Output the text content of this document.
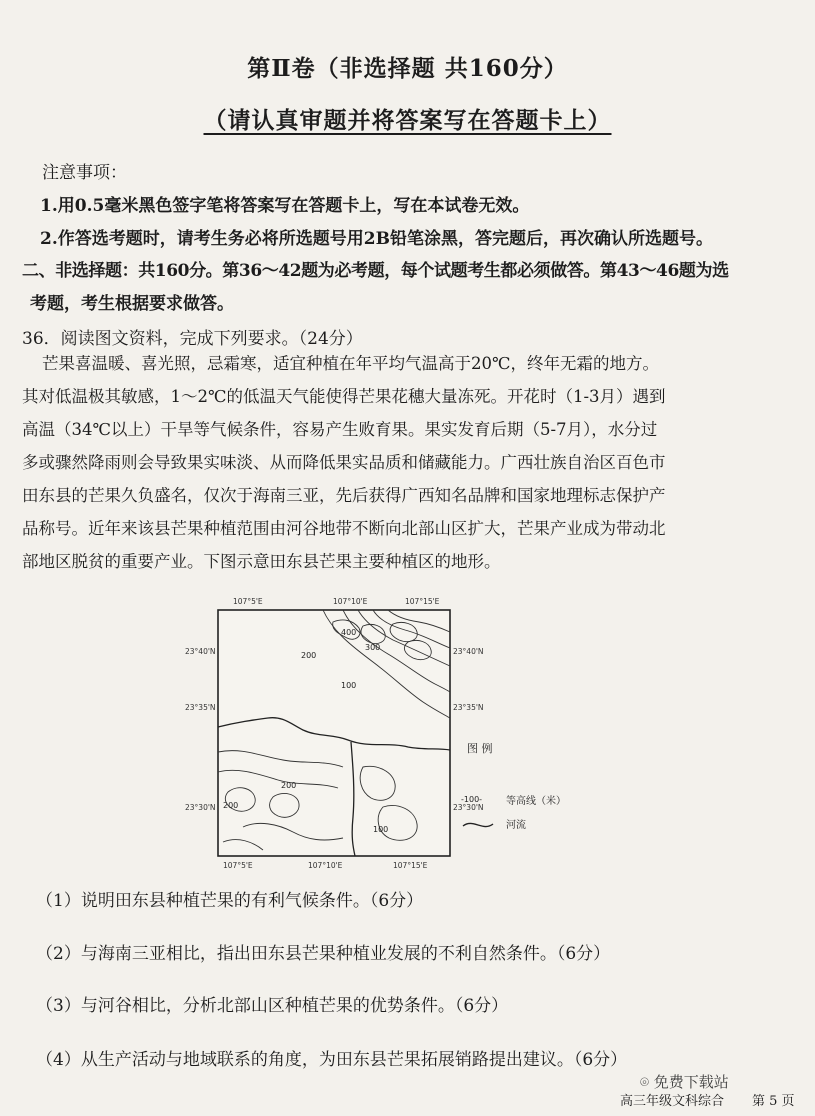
第Ⅱ卷（非选择题 共160分）
（请认真审题并将答案写在答题卡上）
注意事项：
1.用0.5毫米黑色签字笔将答案写在答题卡上，写在本试卷无效。
2.作答选考题时，请考生务必将所选题号用2B铅笔涂黑，答完题后，再次确认所选题号。
二、非选择题：共160分。第36～42题为必考题，每个试题考生都必须做答。第43～46题为选
考题，考生根据要求做答。
36．阅读图文资料，完成下列要求。（24分）
芒果喜温暖、喜光照，忌霜寒，适宜种植在年平均气温高于20℃，终年无霜的地方。
其对低温极其敏感，1～2℃的低温天气能使得芒果花穗大量冻死。开花时（1-3月）遇到
高温（34℃以上）干旱等气候条件，容易产生败育果。果实发育后期（5-7月），水分过
多或骤然降雨则会导致果实味淡、从而降低果实品质和储藏能力。广西壮族自治区百色市
田东县的芒果久负盛名，仅次于海南三亚，先后获得广西知名品牌和国家地理标志保护产
品称号。近年来该县芒果种植范围由河谷地带不断向北部山区扩大，芒果产业成为带动北
部地区脱贫的重要产业。下图示意田东县芒果主要种植区的地形。
107°5'E	107°10'E	107°15'E
107°5'E	107°10'E	107°15'E
23°40'N
23°35'N
23°30'N
23°40'N
23°35'N
23°30'N
400
300
200
100
200
200
100
图 例
-100- 等高线（米）
河流
（1）说明田东县种植芒果的有利气候条件。（6分）
（2）与海南三亚相比，指出田东县芒果种植业发展的不利自然条件。（6分）
（3）与河谷相比，分析北部山区种植芒果的优势条件。（6分）
（4）从生产活动与地域联系的角度，为田东县芒果拓展销路提出建议。（6分）
⌾ 免费下载站
高三年级文科综合 第 5 页
